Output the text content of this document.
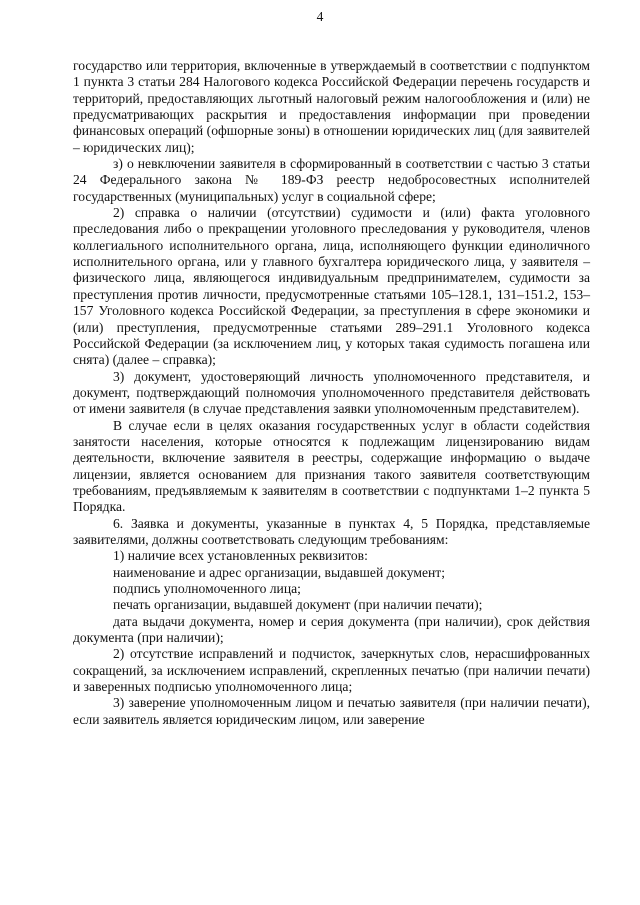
4

государство или территория, включенные в утверждаемый в соответствии с подпунктом 1 пункта 3 статьи 284 Налогового кодекса Российской Федерации перечень государств и территорий, предоставляющих льготный налоговый режим налогообложения и (или) не предусматривающих раскрытия и предоставления информации при проведении финансовых операций (офшорные зоны) в отношении юридических лиц (для заявителей – юридических лиц);

з) о невключении заявителя в сформированный в соответствии с частью 3 статьи 24 Федерального закона № 189-ФЗ реестр недобросовестных исполнителей государственных (муниципальных) услуг в социальной сфере;

2) справка о наличии (отсутствии) судимости и (или) факта уголовного преследования либо о прекращении уголовного преследования у руководителя, членов коллегиального исполнительного органа, лица, исполняющего функции единоличного исполнительного органа, или у главного бухгалтера юридического лица, у заявителя – физического лица, являющегося индивидуальным предпринимателем, судимости за преступления против личности, предусмотренные статьями 105–128.1, 131–151.2, 153–157 Уголовного кодекса Российской Федерации, за преступления в сфере экономики и (или) преступления, предусмотренные статьями 289–291.1 Уголовного кодекса Российской Федерации (за исключением лиц, у которых такая судимость погашена или снята) (далее – справка);

3) документ, удостоверяющий личность уполномоченного представителя, и документ, подтверждающий полномочия уполномоченного представителя действовать от имени заявителя (в случае представления заявки уполномоченным представителем).

В случае если в целях оказания государственных услуг в области содействия занятости населения, которые относятся к подлежащим лицензированию видам деятельности, включение заявителя в реестры, содержащие информацию о выдаче лицензии, является основанием для признания такого заявителя соответствующим требованиям, предъявляемым к заявителям в соответствии с подпунктами 1–2 пункта 5 Порядка.

6. Заявка и документы, указанные в пунктах 4, 5 Порядка, представляемые заявителями, должны соответствовать следующим требованиям:

1) наличие всех установленных реквизитов:

наименование и адрес организации, выдавшей документ;

подпись уполномоченного лица;

печать организации, выдавшей документ (при наличии печати);

дата выдачи документа, номер и серия документа (при наличии), срок действия документа (при наличии);

2) отсутствие исправлений и подчисток, зачеркнутых слов, нерасшифрованных сокращений, за исключением исправлений, скрепленных печатью (при наличии печати) и заверенных подписью уполномоченного лица;

3) заверение уполномоченным лицом и печатью заявителя (при наличии печати), если заявитель является юридическим лицом, или заверение
